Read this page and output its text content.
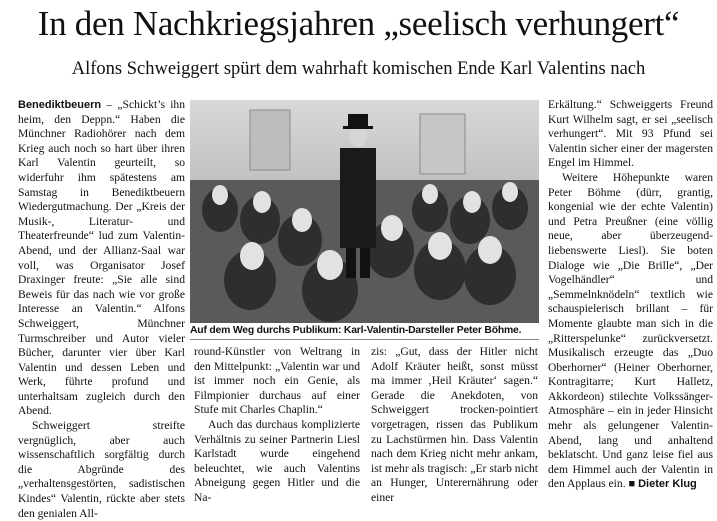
In den Nachkriegsjahren „seelisch verhungert“
Alfons Schweiggert spürt dem wahrhaft komischen Ende Karl Valentins nach

Benediktbeuern – „Schickt’s ihn heim, den Deppn.“ Haben die Münchner Radiohörer nach dem Krieg auch noch so hart über ihren Karl Valentin geurteilt, so widerfuhr ihm spätestens am Samstag in Benediktbeuern Wiedergutmachung. Der „Kreis der Musik-, Literatur- und Theaterfreunde“ lud zum Valentin-Abend, und der Allianz-Saal war voll, was Organisator Josef Draxinger freute: „Sie alle sind Beweis für das nach wie vor große Interesse an Valentin.“ Alfons Schweiggert, Münchner Turmschreiber und Autor vieler Bücher, darunter vier über Karl Valentin und dessen Leben und Werk, führte profund und unterhaltsam zugleich durch den Abend.

Schweiggert streifte vergnüglich, aber auch wissenschaftlich sorgfältig durch die Abgründe des „verhaltensgestörten, sadistischen Kindes“ Valentin, rückte aber stets den genialen All-

Auf dem Weg durchs Publikum: Karl-Valentin-Darsteller Peter Böhme.

round-Künstler von Weltrang in den Mittelpunkt: „Valentin war und ist immer noch ein Genie, als Filmpionier durchaus auf einer Stufe mit Charles Chaplin.“

Auch das durchaus komplizierte Verhältnis zu seiner Partnerin Liesl Karlstadt wurde eingehend beleuchtet, wie auch Valentins Abneigung gegen Hitler und die Na-

zis: „Gut, dass der Hitler nicht Adolf Kräuter heißt, sonst müsst ma immer ‚Heil Kräuter‘ sagen.“ Gerade die Anekdoten, von Schweiggert trocken-pointiert vorgetragen, rissen das Publikum zu Lachstürmen hin. Dass Valentin nach dem Krieg nicht mehr ankam, ist mehr als tragisch: „Er starb nicht an Hunger, Unterernährung oder einer

Erkältung.“ Schweiggerts Freund Kurt Wilhelm sagt, er sei „seelisch verhungert“. Mit 93 Pfund sei Valentin sicher einer der magersten Engel im Himmel.

Weitere Höhepunkte waren Peter Böhme (dürr, grantig, kongenial wie der echte Valentin) und Petra Preußner (eine völlig neue, aber überzeugend-liebenswerte Liesl). Sie boten Dialoge wie „Die Brille“, „Der Vogelhändler“ und „Semmelnknödeln“ textlich wie schauspielerisch brillant – für Momente glaubte man sich in die „Ritterspelunke“ zurückversetzt. Musikalisch erzeugte das „Duo Oberhorner“ (Heiner Oberhorner, Kontragitarre; Kurt Halletz, Akkordeon) stilechte Volkssänger-Atmosphäre – ein in jeder Hinsicht mehr als gelungener Valentin-Abend, lang und anhaltend beklatscht. Und ganz leise fiel aus dem Himmel auch der Valentin in den Applaus ein. ■ Dieter Klug
